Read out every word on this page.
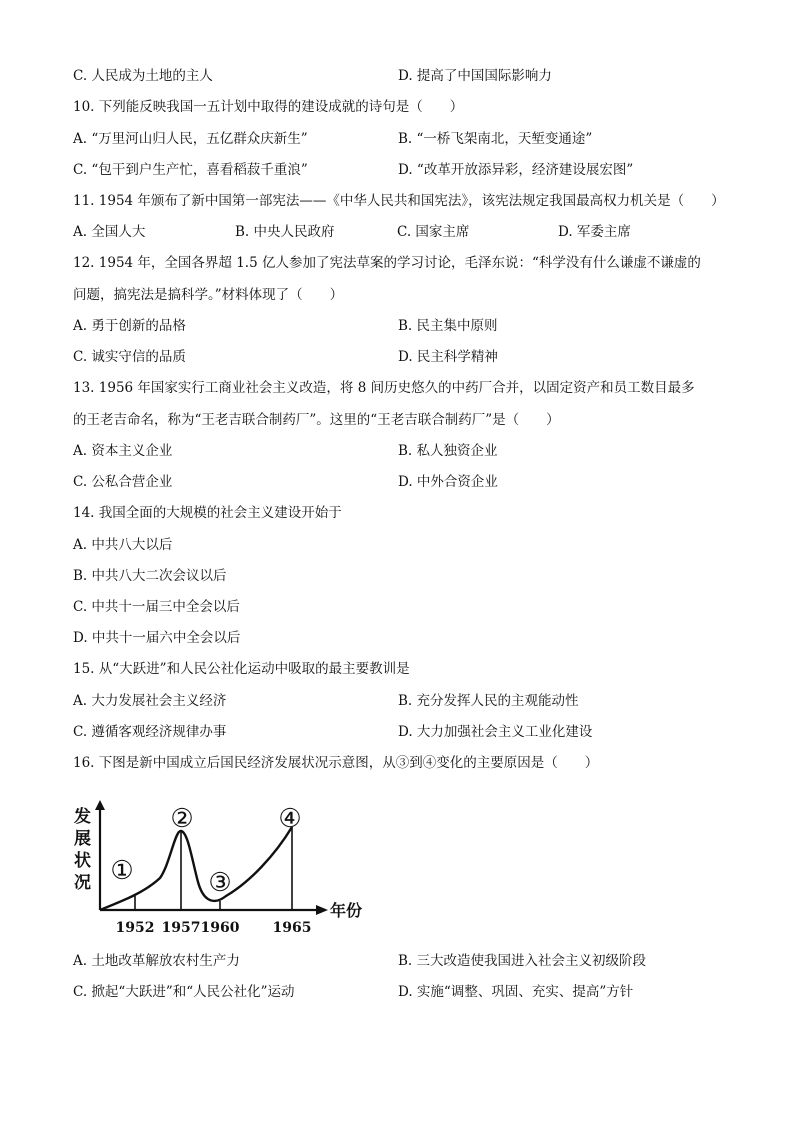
C. 人民成为土地的主人	D. 提高了中国国际影响力
10. 下列能反映我国一五计划中取得的建设成就的诗句是（　　）
A. “万里河山归人民，五亿群众庆新生”	B. “一桥飞架南北，天堑变通途”
C. “包干到户生产忙，喜看稻菽千重浪”	D. “改革开放添异彩，经济建设展宏图”
11. 1954 年颁布了新中国第一部宪法——《中华人民共和国宪法》，该宪法规定我国最高权力机关是（　　）
A. 全国人大	B. 中央人民政府	C. 国家主席	D. 军委主席
12. 1954 年，全国各界超 1.5 亿人参加了宪法草案的学习讨论，毛泽东说：“科学没有什么谦虚不谦虚的
问题，搞宪法是搞科学。”材料体现了（　　）
A. 勇于创新的品格	B. 民主集中原则
C. 诚实守信的品质	D. 民主科学精神
13. 1956 年国家实行工商业社会主义改造，将 8 间历史悠久的中药厂合并，以固定资产和员工数目最多
的王老吉命名，称为“王老吉联合制药厂”。这里的“王老吉联合制药厂”是（　　）
A. 资本主义企业	B. 私人独资企业
C. 公私合营企业	D. 中外合资企业
14. 我国全面的大规模的社会主义建设开始于
A. 中共八大以后
B. 中共八大二次会议以后
C. 中共十一届三中全会以后
D. 中共十一届六中全会以后
15. 从“大跃进”和人民公社化运动中吸取的最主要教训是
A. 大力发展社会主义经济	B. 充分发挥人民的主观能动性
C. 遵循客观经济规律办事	D. 大力加强社会主义工业化建设
16. 下图是新中国成立后国民经济发展状况示意图，从③到④变化的主要原因是（　　）
发
展
状
况
年份
1952 1957 1960 1965
①
②
③
④
A. 土地改革解放农村生产力	B. 三大改造使我国进入社会主义初级阶段
C. 掀起“大跃进”和“人民公社化”运动	D. 实施“调整、巩固、充实、提高”方针
